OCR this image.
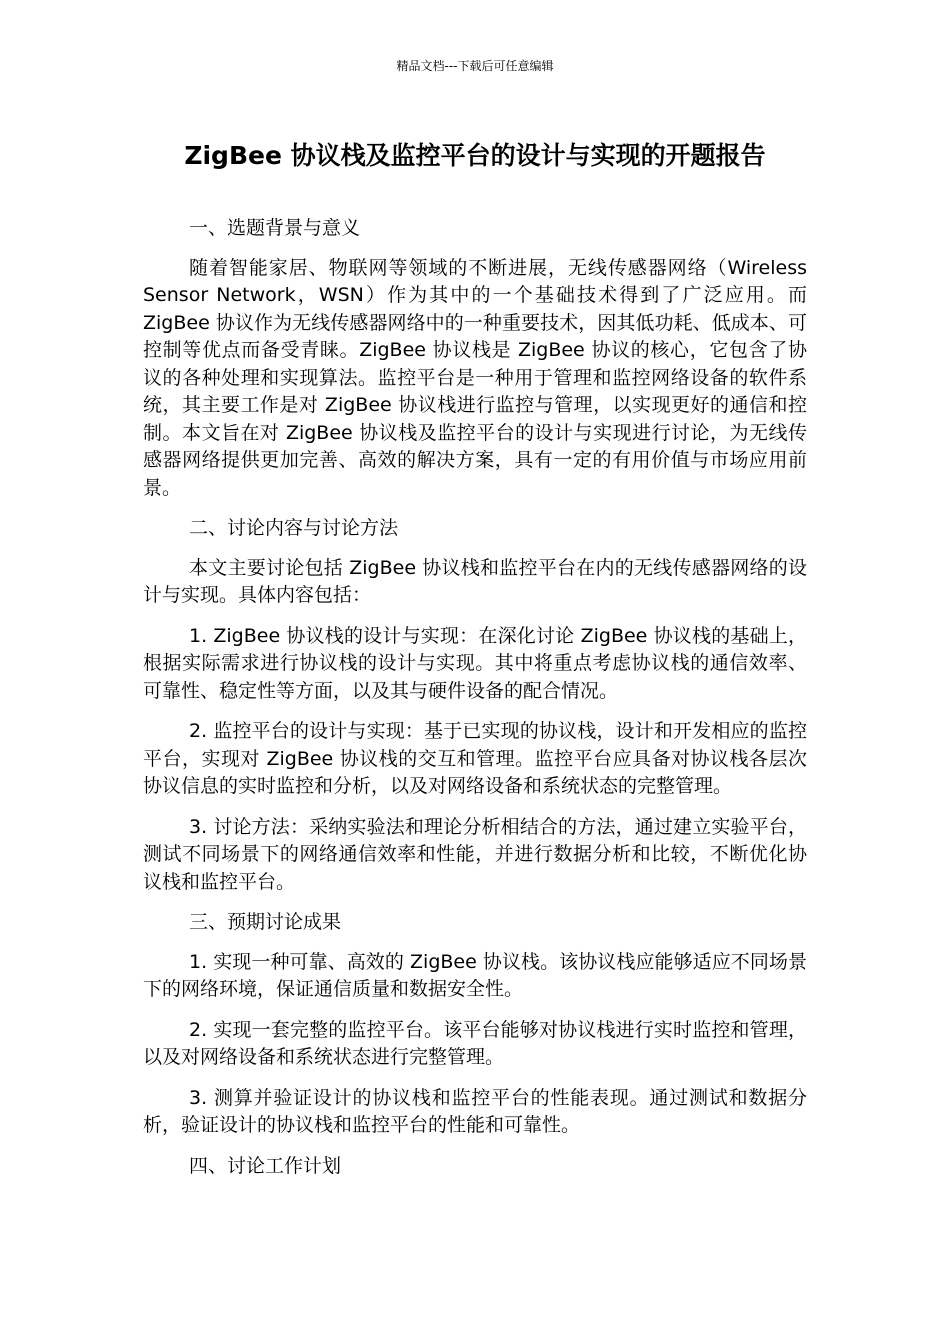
精品文档---下载后可任意编辑
ZigBee 协议栈及监控平台的设计与实现的开题报告

一、选题背景与意义

随着智能家居、物联网等领域的不断进展，无线传感器网络（Wireless Sensor Network，WSN）作为其中的一个基础技术得到了广泛应用。而 ZigBee 协议作为无线传感器网络中的一种重要技术，因其低功耗、低成本、可控制等优点而备受青睐。ZigBee 协议栈是 ZigBee 协议的核心，它包含了协议的各种处理和实现算法。监控平台是一种用于管理和监控网络设备的软件系统，其主要工作是对 ZigBee 协议栈进行监控与管理，以实现更好的通信和控制。本文旨在对 ZigBee 协议栈及监控平台的设计与实现进行讨论，为无线传感器网络提供更加完善、高效的解决方案，具有一定的有用价值与市场应用前景。

二、讨论内容与讨论方法

本文主要讨论包括 ZigBee 协议栈和监控平台在内的无线传感器网络的设计与实现。具体内容包括：

1. ZigBee 协议栈的设计与实现：在深化讨论 ZigBee 协议栈的基础上，根据实际需求进行协议栈的设计与实现。其中将重点考虑协议栈的通信效率、可靠性、稳定性等方面，以及其与硬件设备的配合情况。

2. 监控平台的设计与实现：基于已实现的协议栈，设计和开发相应的监控平台，实现对 ZigBee 协议栈的交互和管理。监控平台应具备对协议栈各层次协议信息的实时监控和分析，以及对网络设备和系统状态的完整管理。

3. 讨论方法：采纳实验法和理论分析相结合的方法，通过建立实验平台，测试不同场景下的网络通信效率和性能，并进行数据分析和比较，不断优化协议栈和监控平台。

三、预期讨论成果

1. 实现一种可靠、高效的 ZigBee 协议栈。该协议栈应能够适应不同场景下的网络环境，保证通信质量和数据安全性。

2. 实现一套完整的监控平台。该平台能够对协议栈进行实时监控和管理，以及对网络设备和系统状态进行完整管理。

3. 测算并验证设计的协议栈和监控平台的性能表现。通过测试和数据分析，验证设计的协议栈和监控平台的性能和可靠性。

四、讨论工作计划
